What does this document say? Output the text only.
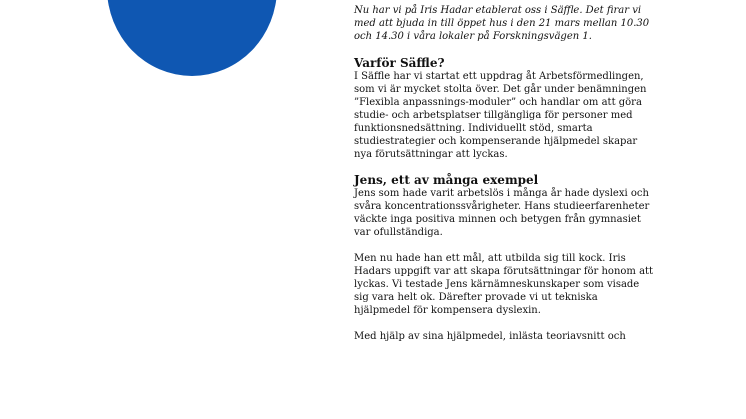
Nu har vi på Iris Hadar etablerat oss i Säffle. Det firar vi med att bjuda in till öppet hus i den 21 mars mellan 10.30 och 14.30 i våra lokaler på Forskningsvägen 1.

Varför Säffle?

I Säffle har vi startat ett uppdrag åt Arbetsförmedlingen, som vi är mycket stolta över. Det går under benämningen ”Flexibla anpassnings-moduler” och handlar om att göra studie- och arbetsplatser tillgängliga för personer med funktionsnedsättning. Individuellt stöd, smarta studiestrategier och kompenserande hjälpmedel skapar nya förutsättningar att lyckas.

Jens, ett av många exempel

Jens som hade varit arbetslös i många år hade dyslexi och svåra koncentrationssvårigheter. Hans studieerfarenheter väckte inga positiva minnen och betygen från gymnasiet var ofullständiga.

Men nu hade han ett mål, att utbilda sig till kock. Iris Hadars uppgift var att skapa förutsättningar för honom att lyckas. Vi testade Jens kärnämneskunskaper som visade sig vara helt ok. Därefter provade vi ut tekniska hjälpmedel för kompensera dyslexin.

Med hjälp av sina hjälpmedel, inlästa teoriavsnitt och
